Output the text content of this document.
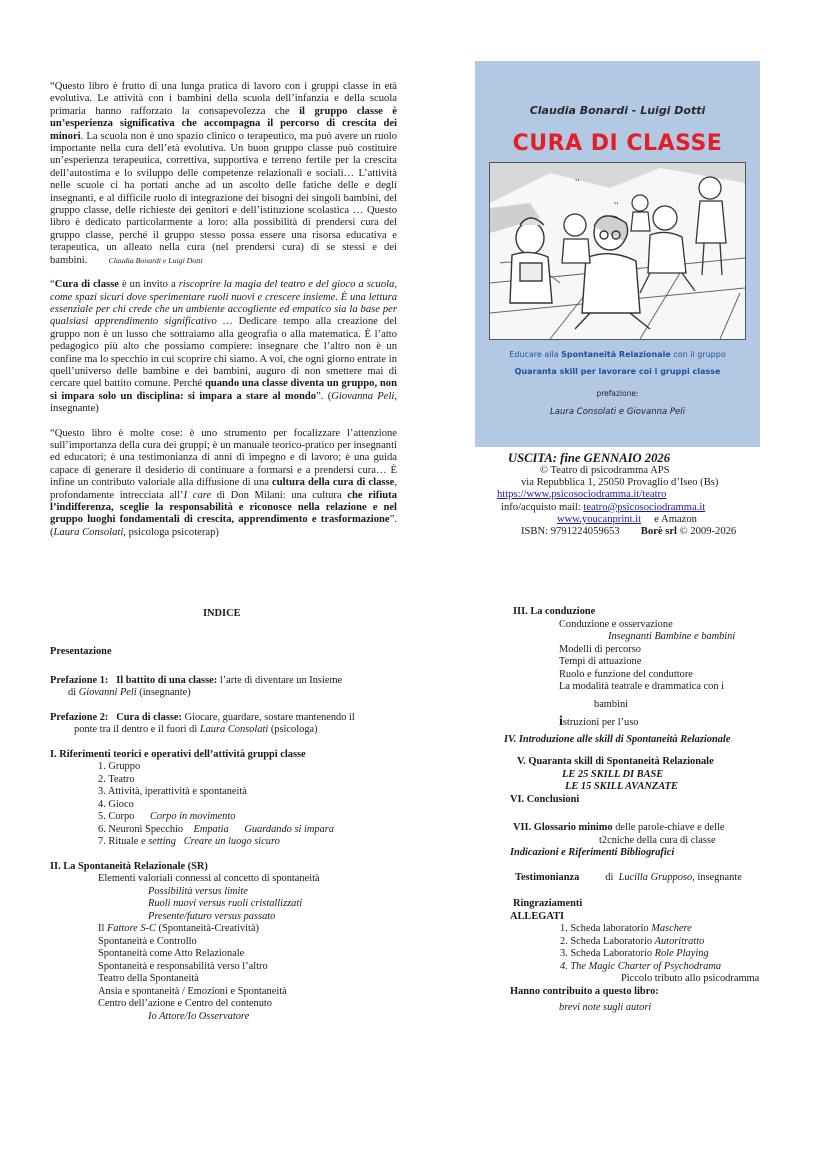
“Questo libro è frutto di una lunga pratica di lavoro con i gruppi classe in età evolutiva. Le attività con i bambini della scuola dell’infanzia e della scuola primaria hanno rafforzato la consapevolezza che il gruppo classe è un’esperienza significativa che accompagna il percorso di crescita dei minori. La scuola non è uno spazio clinico o terapeutico, ma può avere un ruolo importante nella cura dell’età evolutiva. Un buon gruppo classe può costituire un’esperienza terapeutica, correttiva, supportiva e terreno fertile per la crescita dell’autostima e lo sviluppo delle competenze relazionali e sociali… L’attività nelle scuole ci ha portati anche ad un ascolto delle fatiche delle e degli insegnanti, e al difficile ruolo di integrazione dei bisogni dei singoli bambini, del gruppo classe, delle richieste dei genitori e dell’istituzione scolastica … Questo libro è dedicato particolarmente a loro: alla possibilità di prendersi cura del gruppo classe, perché il gruppo stesso possa essere una risorsa educativa e terapeutica, un alleato nella cura (nel prendersi cura) di se stessi e dei bambini.	Claudia Bonardi e Luigi Dotti

“Cura di classe è un invito a riscoprire la magia del teatro e del gioco a scuola, come spazi sicuri dove sperimentare ruoli nuovi e crescere insieme. È una lettura essenziale per chi crede che un ambiente accogliente ed empatico sia la base per qualsiasi apprendimento significativo … Dedicare tempo alla creazione del gruppo non è un lusso che sottraiamo alla geografia o alla matematica. È l’atto pedagogico più alto che possiamo compiere: insegnare che l’altro non è un confine ma lo specchio in cui scoprire chi siamo. A voi, che ogni giorno entrate in quell’universo delle bambine e dei bambini, auguro di non smettere mai di cercare quel battito comune. Perché quando una classe diventa un gruppo, non si impara solo un disciplina: si impara a stare al mondo”. (Giovanna Peli, insegnante)

“Questo libro è molte cose: è uno strumento per focalizzare l’attenzione sull’importanza della cura dei gruppi; è un manuale teorico-pratico per insegnanti ed educatori; è una testimonianza di anni di impegno e di lavoro; è una guida capace di generare il desiderio di continuare a formarsi e a prendersi cura… È infine un contributo valoriale alla diffusione di una cultura della cura di classe, profondamente intrecciata all’I care di Don Milani: una cultura che rifiuta l’indifferenza, sceglie la responsabilità e riconosce nella relazione e nel gruppo luoghi fondamentali di crescita, apprendimento e trasformazione”. (Laura Consolati, psicologa psicoterap)

Claudia Bonardi - Luigi Dotti
CURA DI CLASSE
''
''
Educare alla Spontaneità Relazionale con il gruppo
Quaranta skill per lavorare coi i gruppi classe
prefazione:
Laura Consolati e Giovanna Peli
USCITA: fine GENNAIO 2026
© Teatro di psicodramma APS
via Repubblica 1, 25050 Provaglio d’Iseo (Bs)
https://www.psicosociodramma.it/teatro
info/acquisto mail: teatro@psicosociodramma.it
www.youcanprint.it e Amazon
ISBN: 9791224059653 Borè srl © 2009-2026
INDICE
Presentazione
Prefazione 1: Il battito di una classe: l’arte di diventare un Insieme
di Giovanni Peli (insegnante)
Prefazione 2: Cura di classe: Giocare, guardare, sostare mantenendo il
ponte tra il dentro e il fuori di Laura Consolati (psicologa)
I. Riferimenti teorici e operativi dell’attività gruppi classe
1. Gruppo
2. Teatro
3. Attività, iperattività e spontaneità
4. Gioco
5. Corpo Corpo in movimento
6. Neuroni Specchio Empatia Guardando si impara
7. Rituale e setting Creare un luogo sicuro
II. La Spontaneità Relazionale (SR)
Elementi valoriali connessi al concetto di spontaneità
Possibilità versus limite
Ruoli nuovi versus ruoli cristallizzati
Presente/futuro versus passato
Il Fattore S-C (Spontaneità-Creatività)
Spontaneità e Controllo
Spontaneità come Atto Relazionale
Spontaneità e responsabilità verso l’altro
Teatro della Spontaneità
Ansia e spontaneità / Emozioni e Spontaneità
Centro dell’azione e Centro del contenuto
Io Attore/Io Osservatore
III. La conduzione
Conduzione e osservazione
Insegnanti Bambine e bambini
Modelli di percorso
Tempi di attuazione
Ruolo e funzione del conduttore
La modalità teatrale e drammatica con i
bambini
istruzioni per l’uso
IV. Introduzione alle skill di Spontaneità Relazionale
V. Quaranta skill di Spontaneità Relazionale
LE 25 SKILL DI BASE
LE 15 SKILL AVANZATE
VI. Conclusioni
VII. Glossario minimo delle parole-chiave e delle
t2cniche della cura di classe
Indicazioni e Riferimenti Bibliografici
Testimonianza di  Lucilla Grupposo, insegnante
Ringraziamenti
ALLEGATI
1. Scheda laboratorio Maschere
2. Scheda Laboratorio Autoritratto
3. Scheda Laboratorio Role Playing
4. The Magic Charter of Psychodrama
Piccolo tributo allo psicodramma
Hanno contribuito a questo libro:
brevi note sugli autori
